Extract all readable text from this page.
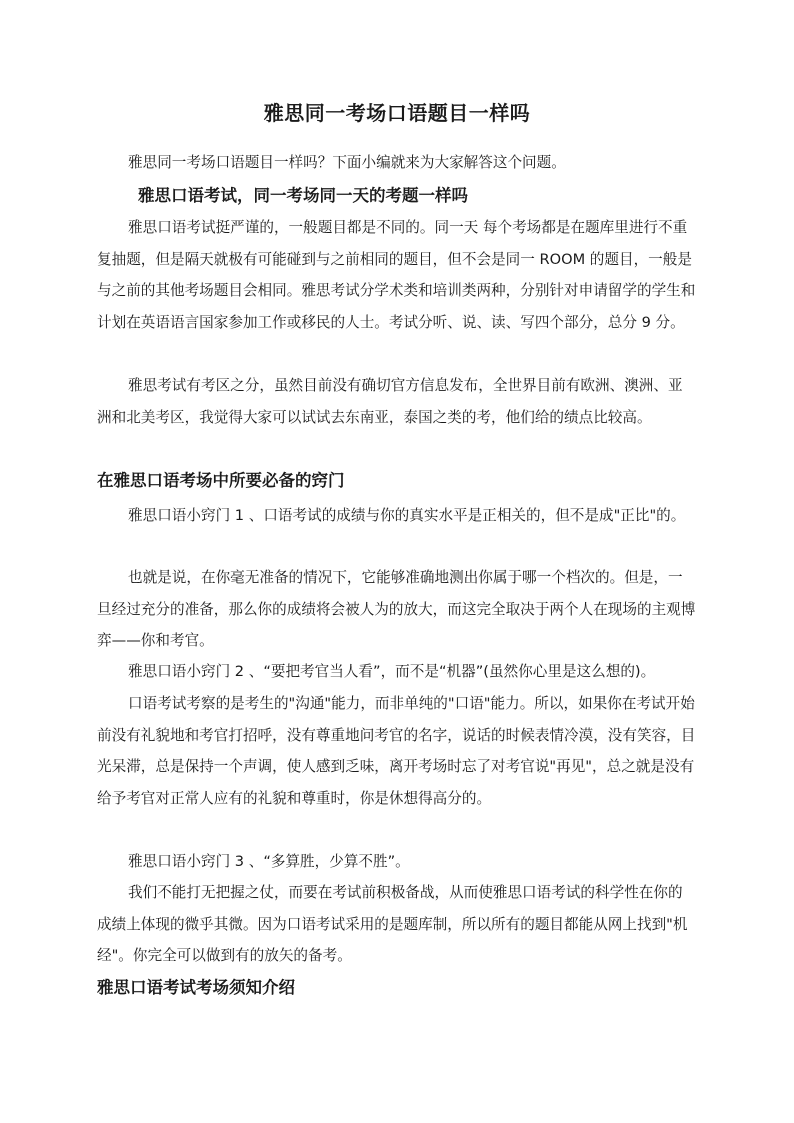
雅思同一考场口语题目一样吗

雅思同一考场口语题目一样吗？下面小编就来为大家解答这个问题。

雅思口语考试，同一考场同一天的考题一样吗

雅思口语考试挺严谨的，一般题目都是不同的。同一天 每个考场都是在题库里进行不重复抽题，但是隔天就极有可能碰到与之前相同的题目，但不会是同一 ROOM 的题目，一般是与之前的其他考场题目会相同。雅思考试分学术类和培训类两种，分别针对申请留学的学生和计划在英语语言国家参加工作或移民的人士。考试分听、说、读、写四个部分，总分 9 分。

雅思考试有考区之分，虽然目前没有确切官方信息发布，全世界目前有欧洲、澳洲、亚洲和北美考区，我觉得大家可以试试去东南亚，泰国之类的考，他们给的绩点比较高。

在雅思口语考场中所要必备的窍门

雅思口语小窍门 1 、口语考试的成绩与你的真实水平是正相关的，但不是成"正比"的。

也就是说，在你毫无准备的情况下，它能够准确地测出你属于哪一个档次的。但是，一旦经过充分的准备，那么你的成绩将会被人为的放大，而这完全取决于两个人在现场的主观博弈——你和考官。

雅思口语小窍门 2 、“要把考官当人看”，而不是“机器”(虽然你心里是这么想的)。

口语考试考察的是考生的"沟通"能力，而非单纯的"口语"能力。所以，如果你在考试开始前没有礼貌地和考官打招呼，没有尊重地问考官的名字，说话的时候表情冷漠，没有笑容，目光呆滞，总是保持一个声调，使人感到乏味，离开考场时忘了对考官说"再见"，总之就是没有给予考官对正常人应有的礼貌和尊重时，你是休想得高分的。

雅思口语小窍门 3 、“多算胜，少算不胜”。

我们不能打无把握之仗，而要在考试前积极备战，从而使雅思口语考试的科学性在你的成绩上体现的微乎其微。因为口语考试采用的是题库制，所以所有的题目都能从网上找到"机经"。你完全可以做到有的放矢的备考。

雅思口语考试考场须知介绍
